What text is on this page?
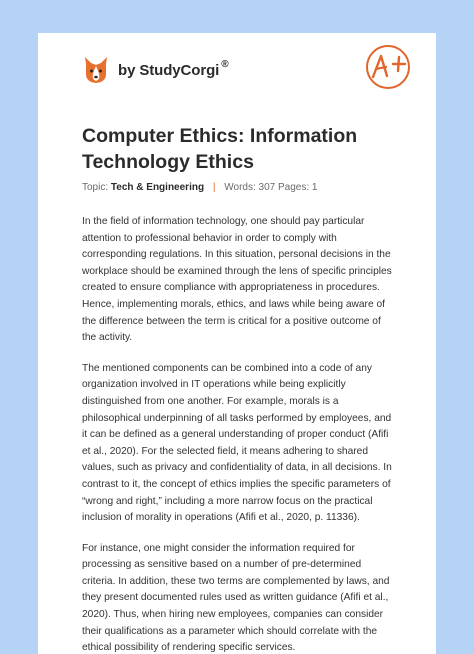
by StudyCorgi ®
Computer Ethics: Information Technology Ethics
Topic: Tech & Engineering | Words: 307 Pages: 1

In the field of information technology, one should pay particular attention to professional behavior in order to comply with corresponding regulations. In this situation, personal decisions in the workplace should be examined through the lens of specific principles created to ensure compliance with appropriateness in procedures. Hence, implementing morals, ethics, and laws while being aware of the difference between the term is critical for a positive outcome of the activity.

The mentioned components can be combined into a code of any organization involved in IT operations while being explicitly distinguished from one another. For example, morals is a philosophical underpinning of all tasks performed by employees, and it can be defined as a general understanding of proper conduct (Afifi et al., 2020). For the selected field, it means adhering to shared values, such as privacy and confidentiality of data, in all decisions. In contrast to it, the concept of ethics implies the specific parameters of “wrong and right,” including a more narrow focus on the practical inclusion of morality in operations (Afifi et al., 2020, p. 11336).

For instance, one might consider the information required for processing as sensitive based on a number of pre-determined criteria. In addition, these two terms are complemented by laws, and they present documented rules used as written guidance (Afifi et al., 2020). Thus, when hiring new employees, companies can consider their qualifications as a parameter which should correlate with the ethical possibility of rendering specific services.
